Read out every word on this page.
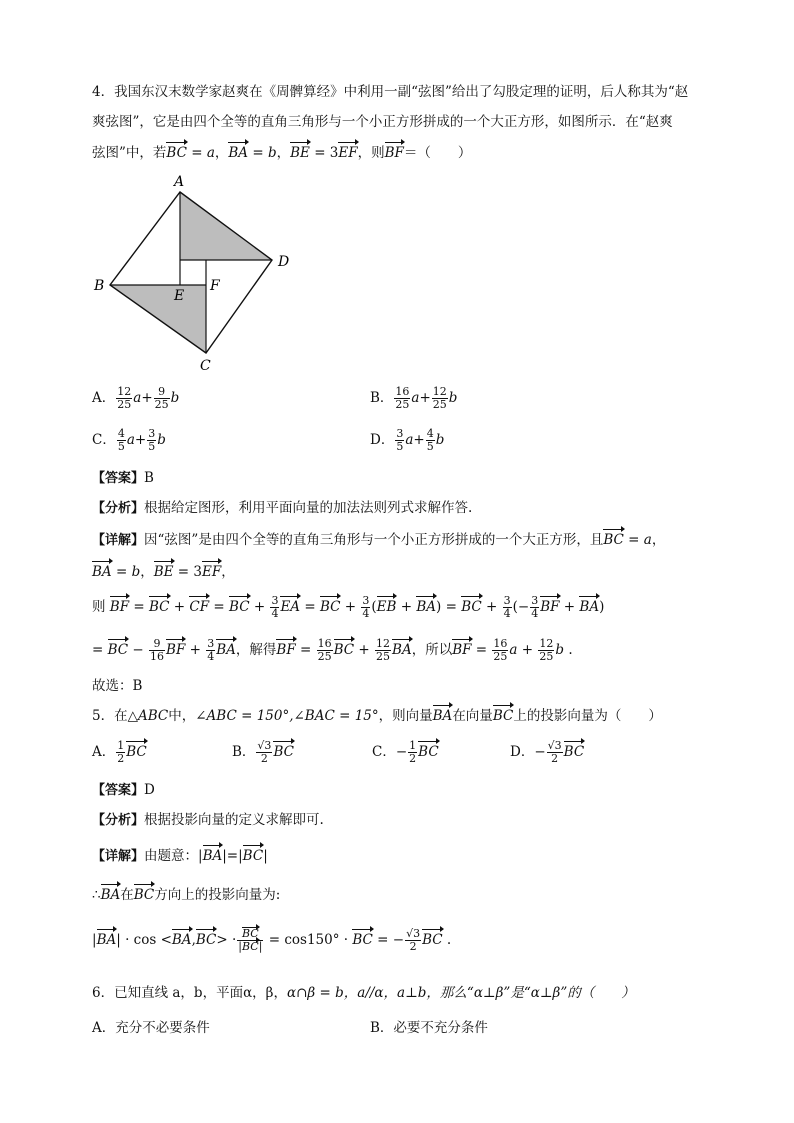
4．我国东汉末数学家赵爽在《周髀算经》中利用一副“弦图”给出了勾股定理的证明，后人称其为“赵
爽弦图”，它是由四个全等的直角三角形与一个小正方形拼成的一个大正方形，如图所示．在“赵爽
弦图”中，若BC = a，BA = b，BE = 3EF，则BF＝（　　）
A
D
B
E
F
C
A． $\frac{12}{25} a+ \frac{9}{25}$ b	B． $\frac{16}{25} a+ \frac{12}{25}$ b
C． $\frac{4}{5} a+ \frac{3}{5}$ b	D． $\frac{3}{5} a+ \frac{4}{5}$ b
【答案】B
【分析】根据给定图形，利用平面向量的加法法则列式求解作答.
【详解】因“弦图”是由四个全等的直角三角形与一个小正方形拼成的一个大正方形，且BC = a，
BA = b，BE = 3EF，
则 BF = BC + CF = BC + $\frac{3}{4}$ EA = BC + $\frac{3}{4} (EB + BA)$ = BC + $\frac{3}{4}$ (− $\frac{3}{4}$ BF + BA)
= BC − $\frac{9}{16}$ BF + $\frac{3}{4}$ BA，解得BF = $\frac{16}{25}$ BC + $\frac{12}{25}$ BA，所以BF = $\frac{16}{25}$ $a + \frac{12}{25}$ b .
故选：B
5．在△ABC中，∠ABC = 150°,∠BAC = 15°，则向量BA在向量BC上的投影向量为（　　）
A． $\frac{1}{2}$ BC	B． $\frac{√3}{2}$ BC	C．− $\frac{1}{2}$ BC	D．− $\frac{√3}{2}$ BC
【答案】D
【分析】根据投影向量的定义求解即可.
【详解】由题意：|BA|=|BC|
∴BA在BC方向上的投影向量为:
$|BA| \cdot \cos <BA,BC> \cdot \frac{BC}{|BC|} = \cos 150^\circ$ · BC = − $\frac{√3}{2}$ BC .
6．已知直线 a，b，平面α，β，α∩β = b，a//α，a⊥b，那么“α⊥β”是“α⊥β”的（　　）
A．充分不必要条件	B．必要不充分条件
